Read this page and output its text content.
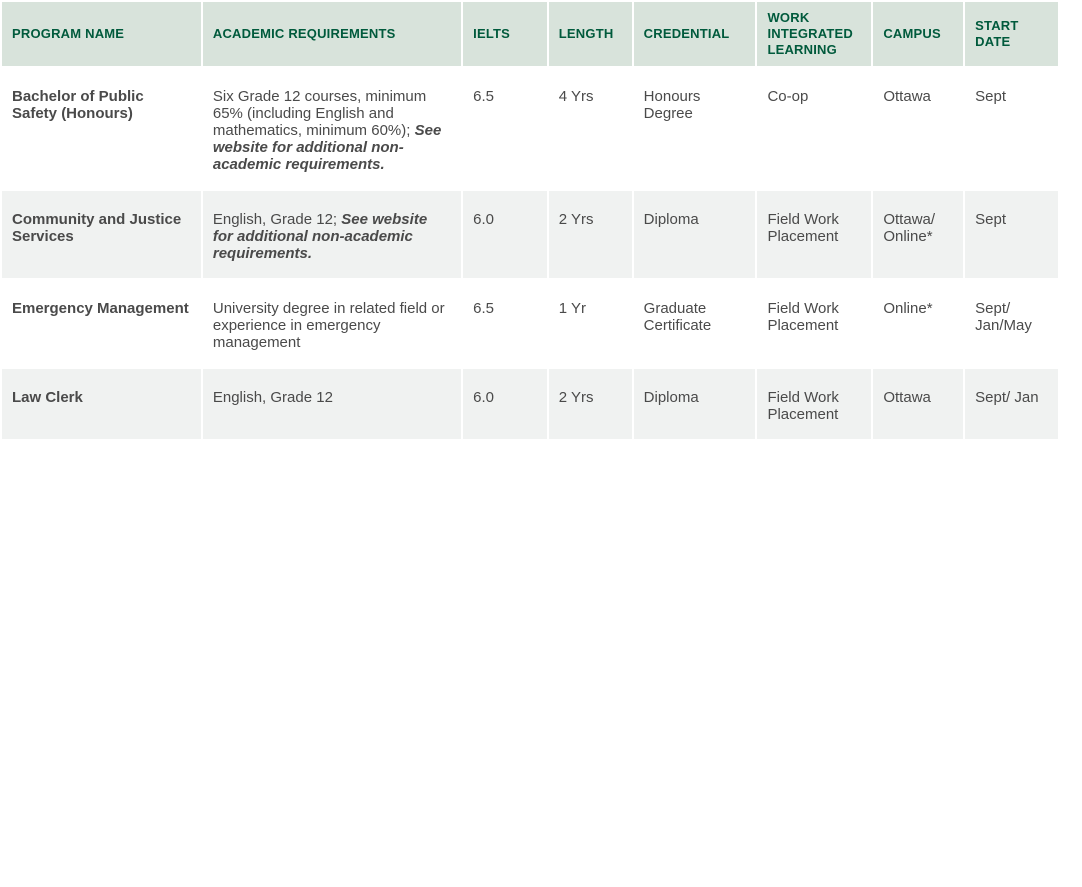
PROGRAM NAME	ACADEMIC REQUIREMENTS	IELTS	LENGTH	CREDENTIAL	WORK INTEGRATED LEARNING	CAMPUS	START DATE
Bachelor of Public Safety (Honours)	Six Grade 12 courses, minimum 65% (including English and mathematics, minimum 60%); See website for additional non-academic requirements.	6.5	4 Yrs	Honours Degree	Co-op	Ottawa	Sept
Community and Justice Services	English, Grade 12; See website for additional non-academic requirements.	6.0	2 Yrs	Diploma	Field Work Placement	Ottawa/ Online*	Sept
Emergency Management	University degree in related field or experience in emergency management	6.5	1 Yr	Graduate Certificate	Field Work Placement	Online*	Sept/ Jan/May
Law Clerk	English, Grade 12	6.0	2 Yrs	Diploma	Field Work Placement	Ottawa	Sept/ Jan
